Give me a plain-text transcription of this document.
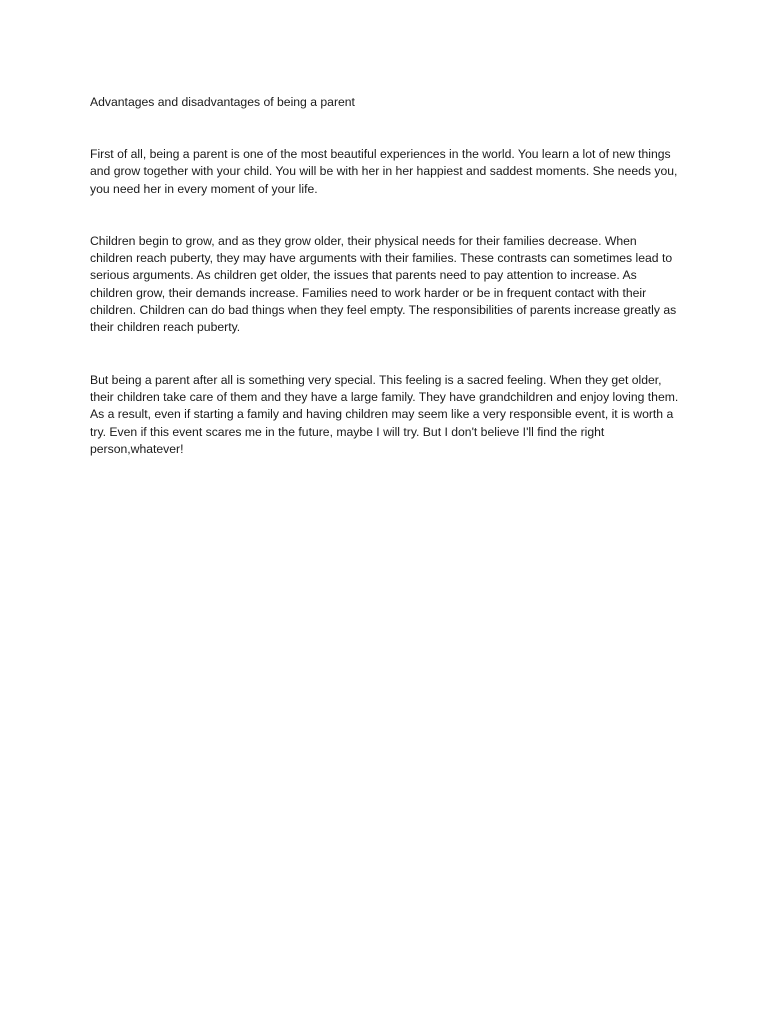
Advantages and disadvantages of being a parent

First of all, being a parent is one of the most beautiful experiences in the world. You learn a lot of new things and grow together with your child. You will be with her in her happiest and saddest moments. She needs you, you need her in every moment of your life.

Children begin to grow, and as they grow older, their physical needs for their families decrease. When children reach puberty, they may have arguments with their families. These contrasts can sometimes lead to serious arguments. As children get older, the issues that parents need to pay attention to increase. As children grow, their demands increase. Families need to work harder or be in frequent contact with their children. Children can do bad things when they feel empty. The responsibilities of parents increase greatly as their children reach puberty.

But being a parent after all is something very special. This feeling is a sacred feeling. When they get older, their children take care of them and they have a large family. They have grandchildren and enjoy loving them. As a result, even if starting a family and having children may seem like a very responsible event, it is worth a try. Even if this event scares me in the future, maybe I will try. But I don't believe I'll find the right person,whatever!
